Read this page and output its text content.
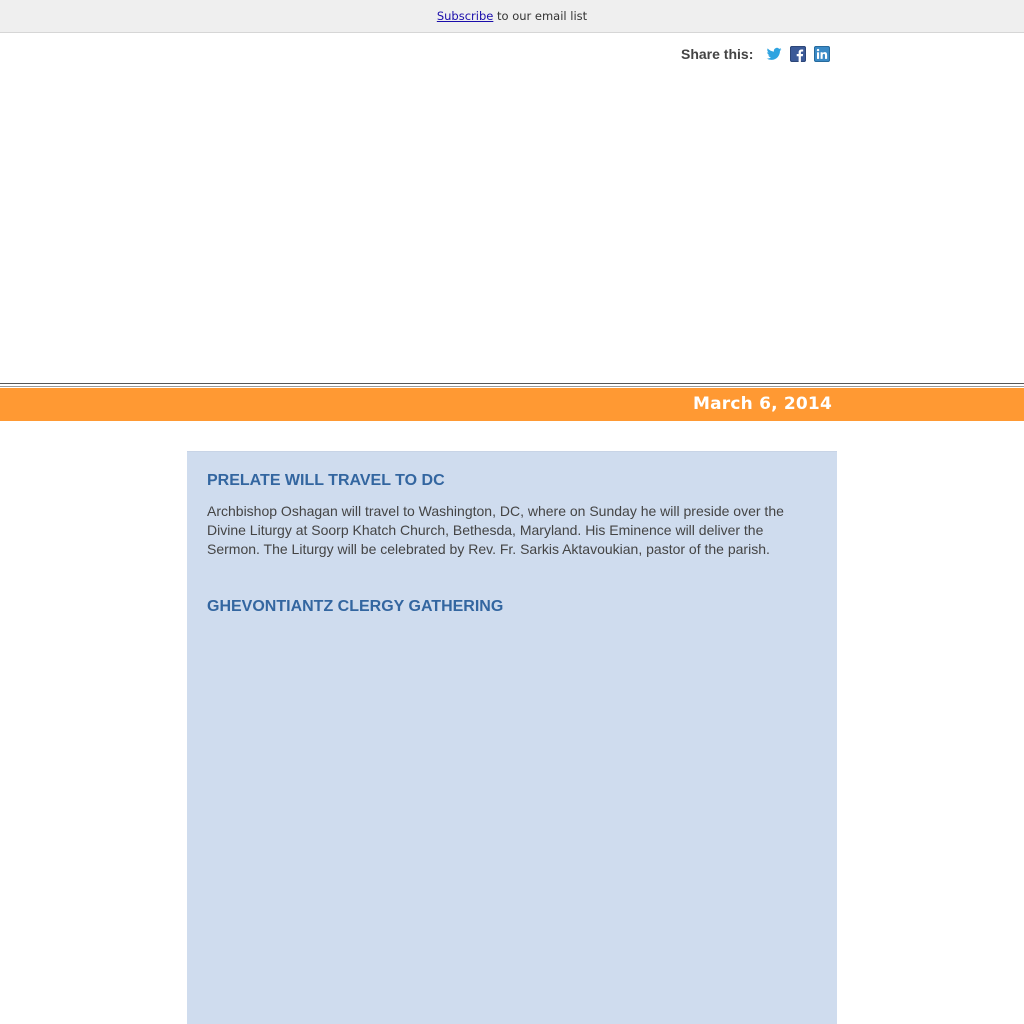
Subscribe to our email list
Share this:
March 6, 2014
PRELATE WILL TRAVEL TO DC

Archbishop Oshagan will travel to Washington, DC, where on Sunday he will preside over the Divine Liturgy at Soorp Khatch Church, Bethesda, Maryland. His Eminence will deliver the Sermon. The Liturgy will be celebrated by Rev. Fr. Sarkis Aktavoukian, pastor of the parish.

GHEVONTIANTZ CLERGY GATHERING
